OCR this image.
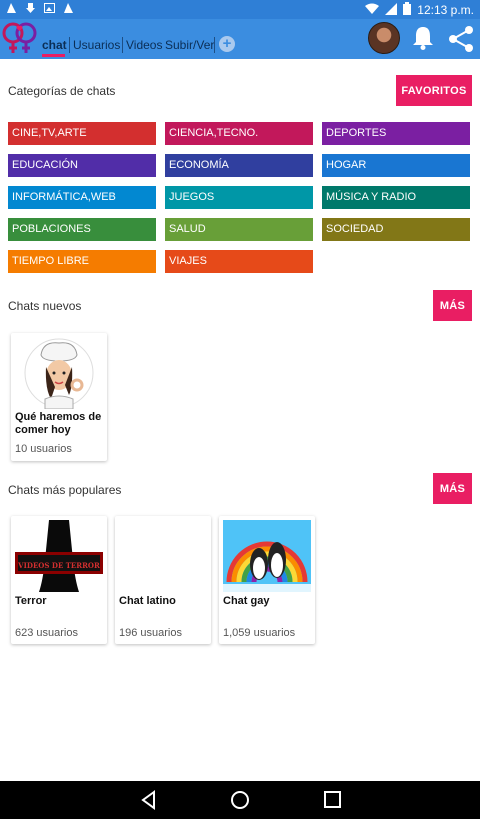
12:13 p.m.
chat Usuarios Videos Subir/Ver +
Categorías de chats	FAVORITOS
CINE,TV,ARTE	CIENCIA,TECNO.	DEPORTES
EDUCACIÓN	ECONOMÍA	HOGAR
INFORMÁTICA,WEB	JUEGOS	MÚSICA Y RADIO
POBLACIONES	SALUD	SOCIEDAD
TIEMPO LIBRE	VIAJES
Chats nuevos	MÁS
Qué haremos de comer hoy
10 usuarios
Chats más populares	MÁS
VIDEOS DE TERROR
Terror
623 usuarios
Chat latino
196 usuarios
Chat gay
1,059 usuarios
